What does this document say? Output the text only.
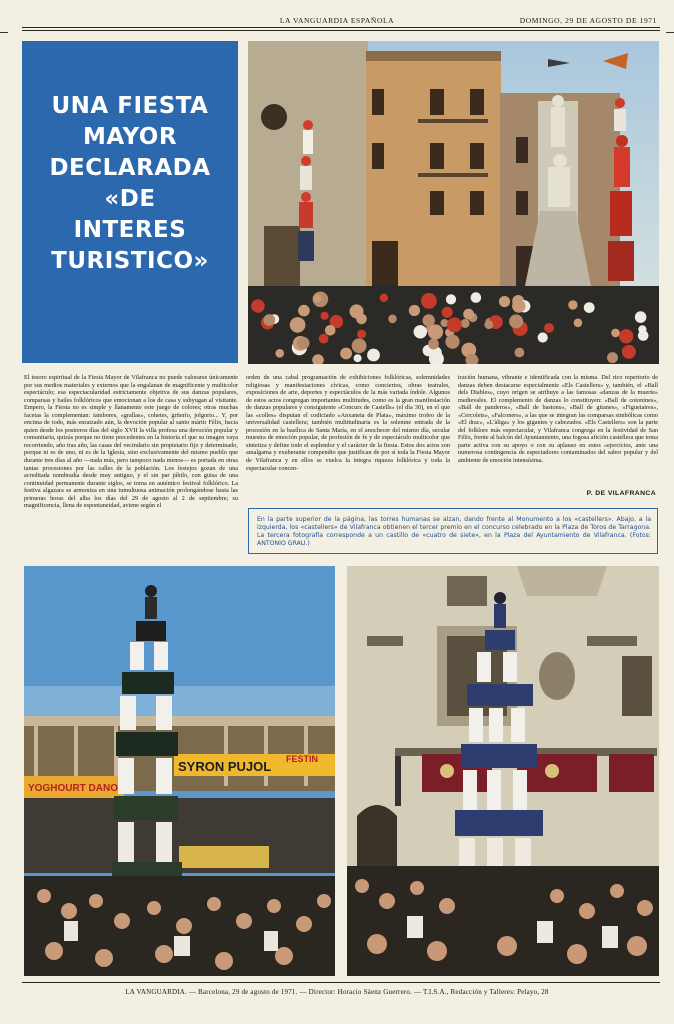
LA VANGUARDIA ESPAÑOLA	DOMINGO, 29 DE AGOSTO DE 1971
UNA FIESTA
MAYOR
DECLARADA
«DE
INTERES
TURISTICO»

El tesoro espiritual de la Fiesta Mayor de Vilafranca no puede valorarse únicamente por sus medios materiales y externos que la engalanan de magnificente y multicolor espectáculo; esa espectacularidad estrictamente objetiva de sus danzas populares, comparsas y bailes folklóricos que emocionan a los de casa y subyugan al visitante. Empero, la Fiesta no es simple y llanamente este juego de colores; otras muchas facetas la complementan: tambores, «grallas», cohetes, griterío, jolgorio... Y, por encima de todo, más enraizado aún, la devoción popular al santo mártir Félix, hacia quien desde los postreros días del siglo XVII la villa profesa una devoción popular y comunitaria, quizás porque no tiene precedentes en la historia el que su imagen vaya recorriendo, año tras año, las casas del vecindario sin propietario fijo y determinado, porque ni es de uno, ni es de la Iglesia, sino exclusivamente del mismo pueblo que durante tres días al año —nada más, pero tampoco nada menos— es portada en otras tantas procesiones por las calles de la población. Los festejos gozan de una acreditada nombradía desde muy antiguo, y el sin par júbilo, con guisa de una continuidad permanente durante siglos, se torna en auténtico festival folklórico. La festiva algazara se armoniza en una tumultuosa animación prolongándose hasta las primeras horas del alba los días del 29 de agosto al 2 de septiembre; su magnificencia, llena de espontaneidad, aviene según el

orden de una cabal programación de exhibiciones folklóricas, solemnidades religiosas y manifestaciones cívicas, como conciertos, obras teatrales, exposiciones de arte, deportes y espectáculos de la más variada índole. Algunos de estos actos congregan importantes multitudes, como es la gran manifestación de danzas populares y consiguiente «Concurs de Castells» (el día 30), en el que las «colles» disputan el codiciado «Anxaneta de Plata», máximo trofeo de la universalidad castellera; también multitudinaria es la solemne entrada de la procesión en la basílica de Santa María, en el anochecer del mismo día, secular muestra de emoción popular, de profesión de fe y de espectáculo multicolor que sintetiza y define todo el esplendor y el carácter de la fiesta. Estos dos actos son amalgama y exuberante compendio que justifican de por sí toda la Fiesta Mayor de Vilafranca y en ellos se vuelca la íntegra riqueza folklórica y toda la espectacular concen-

tración humana, vibrante e identificada con la misma. Del rico repertorio de danzas deben destacarse especialmente «Els Castellers» y, también, el «Ball dels Diables», cuyo origen se atribuye a las famosas «danzas de la muerte» medievales. El complemento de danzas lo constituyen: «Ball de cotonines», «Ball de panderos», «Ball de bastons», «Ball de gitanes», «Figuetaires», «Cercolets», «Falconers», a las que se integran las comparsas simbólicas como «El drac», «L'àliga» y los gigantes y cabezudos. «Els Castellers» son la parte del folklore más espectacular, y Vilafranca congrega en la festividad de San Félix, frente al balcón del Ayuntamiento, una fogosa afición castellera que toma parte activa con su apoyo o con su aplauso en estos «ejercicios, ante una numerosa contingencia de espectadores contaminados del sabor popular y del ambiente de emoción intensísima.

P. DE VILAFRANCA
En la parte superior de la página, las torres humanas se alzan, dando frente al Monumento a los «castellers». Abajo, a la izquierda, los «castellers» de Vilafranca obtienen el tercer premio en el concurso celebrado en la Plaza de Toros de Tarragona. La tercera fotografía corresponde a un castillo de «cuatro de siete», en la Plaza del Ayuntamiento de Vilafranca. (Fotos: ANTONIO GRAU.)
YOGHOURT DANO
SYRON PUJOL FESTIN
LA VANGUARDIA. — Barcelona, 29 de agosto de 1971. — Director: Horacio Sáenz Guerrero. — T.I.S.A., Redacción y Talleres: Pelayo, 28
